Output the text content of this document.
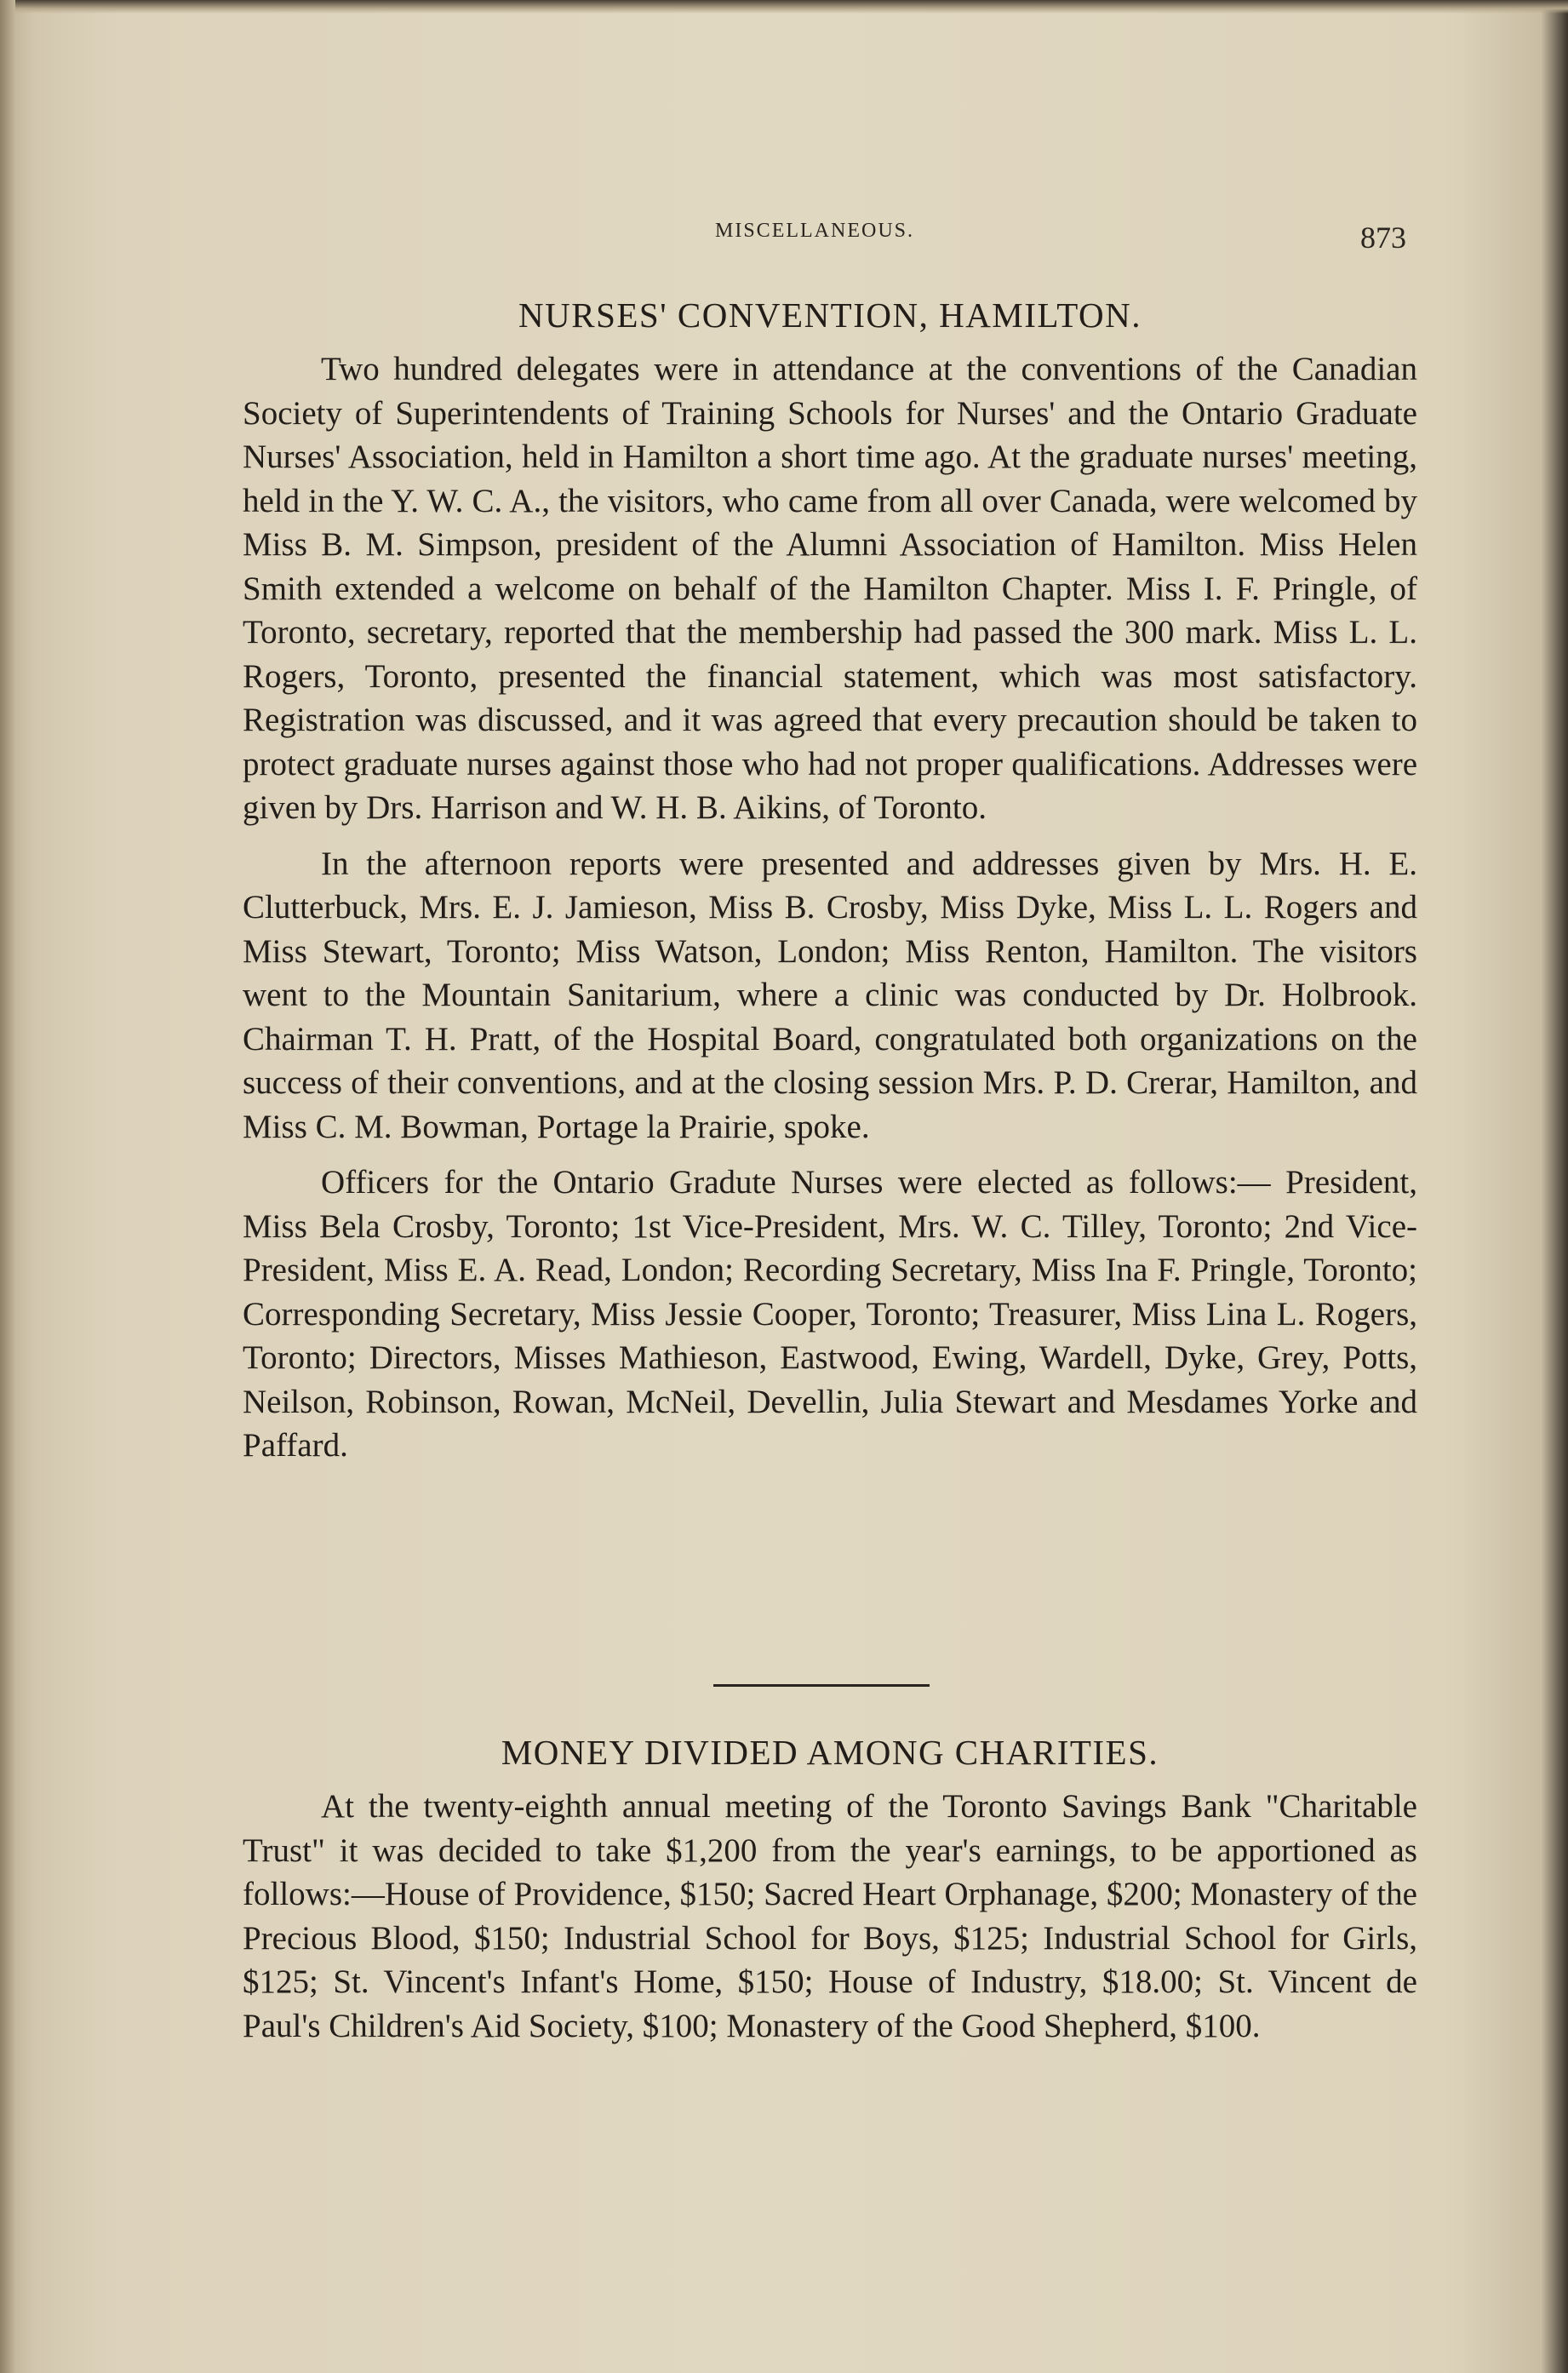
MISCELLANEOUS.	873
NURSES' CONVENTION, HAMILTON.

Two hundred delegates were in attendance at the conventions of the Canadian Society of Superintendents of Training Schools for Nurses' and the Ontario Graduate Nurses' Association, held in Hamilton a short time ago. At the graduate nurses' meeting, held in the Y. W. C. A., the visitors, who came from all over Canada, were welcomed by Miss B. M. Simpson, president of the Alumni Association of Hamilton. Miss Helen Smith extended a welcome on behalf of the Hamilton Chapter. Miss I. F. Pringle, of Toronto, secretary, reported that the membership had passed the 300 mark. Miss L. L. Rogers, Toronto, presented the financial statement, which was most satisfactory. Registration was discussed, and it was agreed that every precaution should be taken to protect graduate nurses against those who had not proper qualifications. Addresses were given by Drs. Harrison and W. H. B. Aikins, of Toronto.

In the afternoon reports were presented and addresses given by Mrs. H. E. Clutterbuck, Mrs. E. J. Jamieson, Miss B. Crosby, Miss Dyke, Miss L. L. Rogers and Miss Stewart, Toronto; Miss Watson, London; Miss Renton, Hamilton. The visitors went to the Mountain Sanitarium, where a clinic was conducted by Dr. Holbrook. Chairman T. H. Pratt, of the Hospital Board, congratulated both organizations on the success of their conventions, and at the closing session Mrs. P. D. Crerar, Hamilton, and Miss C. M. Bowman, Portage la Prairie, spoke.

Officers for the Ontario Gradute Nurses were elected as follows:— President, Miss Bela Crosby, Toronto; 1st Vice-President, Mrs. W. C. Tilley, Toronto; 2nd Vice-President, Miss E. A. Read, London; Recording Secretary, Miss Ina F. Pringle, Toronto; Corresponding Secretary, Miss Jessie Cooper, Toronto; Treasurer, Miss Lina L. Rogers, Toronto; Directors, Misses Mathieson, Eastwood, Ewing, Wardell, Dyke, Grey, Potts, Neilson, Robinson, Rowan, McNeil, Devellin, Julia Stewart and Mesdames Yorke and Paffard.

MONEY DIVIDED AMONG CHARITIES.

At the twenty-eighth annual meeting of the Toronto Savings Bank "Charitable Trust" it was decided to take $1,200 from the year's earnings, to be apportioned as follows:—House of Providence, $150; Sacred Heart Orphanage, $200; Monastery of the Precious Blood, $150; Industrial School for Boys, $125; Industrial School for Girls, $125; St. Vincent's Infant's Home, $150; House of Industry, $18.00; St. Vincent de Paul's Children's Aid Society, $100; Monastery of the Good Shepherd, $100.
